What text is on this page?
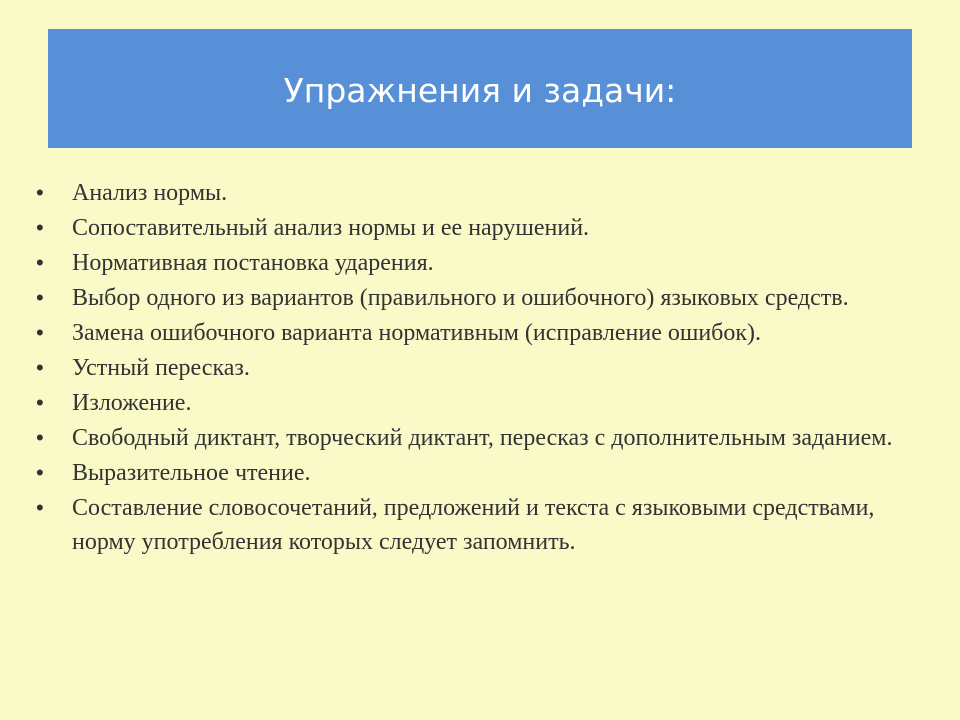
Упражнения и задачи:
•	Анализ нормы.
•	Сопоставительный анализ нормы и ее нарушений.
•	Нормативная постановка ударения.
•	Выбор одного из вариантов (правильного и ошибочного) языковых средств.
•	Замена ошибочного варианта нормативным (исправление ошибок).
•	Устный пересказ.
•	Изложение.
•	Свободный диктант, творческий диктант, пересказ с дополнительным заданием.
•	Выразительное чтение.
•	Составление словосочетаний, предложений и текста с языковыми средствами, норму употребления которых следует запомнить.
